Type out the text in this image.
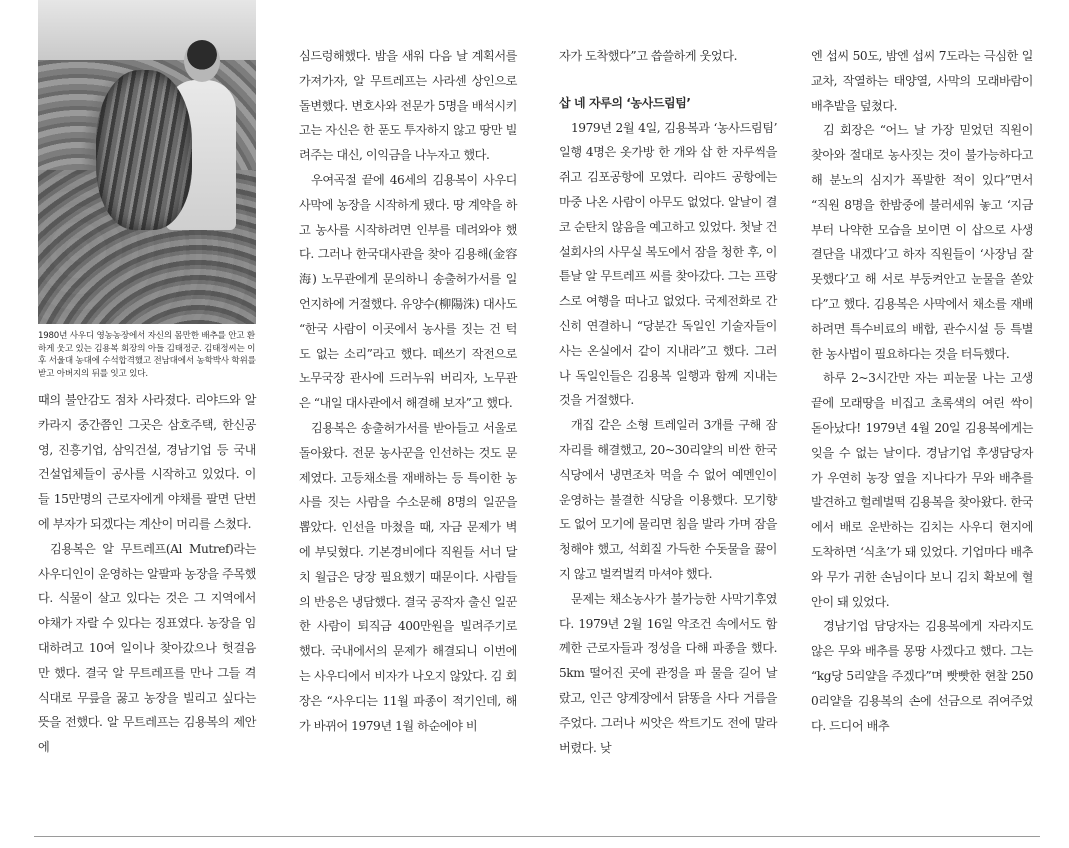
1980년 사우디 영농농장에서 자신의 몸만한 배추를 안고 환하게 웃고 있는 김용복 회장의 아들 김태정군. 김태정씨는 이후 서울대 농대에 수석합격했고 전남대에서 농학박사 학위를 받고 아버지의 뒤를 잇고 있다.

때의 불안감도 점차 사라졌다. 리야드와 알카라지 중간쯤인 그곳은 삼호주택, 한신공영, 진흥기업, 삼익건설, 경남기업 등 국내 건설업체들이 공사를 시작하고 있었다. 이들 15만명의 근로자에게 야채를 팔면 단번에 부자가 되겠다는 계산이 머리를 스쳤다.

김용복은 알 무트레프(Al Mutref)라는 사우디인이 운영하는 알팔파 농장을 주목했다. 식물이 살고 있다는 것은 그 지역에서 야채가 자랄 수 있다는 징표였다. 농장을 임대하려고 10여 일이나 찾아갔으나 헛걸음만 했다. 결국 알 무트레프를 만나 그들 격식대로 무릎을 꿇고 농장을 빌리고 싶다는 뜻을 전했다. 알 무트레프는 김용복의 제안에

심드렁해했다. 밤을 새워 다음 날 계획서를 가져가자, 알 무트레프는 사라센 상인으로 돌변했다. 변호사와 전문가 5명을 배석시키고는 자신은 한 푼도 투자하지 않고 땅만 빌려주는 대신, 이익금을 나누자고 했다.

우여곡절 끝에 46세의 김용복이 사우디 사막에 농장을 시작하게 됐다. 땅 계약을 하고 농사를 시작하려면 인부를 데려와야 했다. 그러나 한국대사관을 찾아 김용해(金容海) 노무관에게 문의하니 송출허가서를 일언지하에 거절했다. 유양수(柳陽洙) 대사도 “한국 사람이 이곳에서 농사를 짓는 건 턱도 없는 소리”라고 했다. 떼쓰기 작전으로 노무국장 관사에 드러누워 버리자, 노무관은 “내일 대사관에서 해결해 보자”고 했다.

김용복은 송출허가서를 받아들고 서울로 돌아왔다. 전문 농사꾼을 인선하는 것도 문제였다. 고등채소를 재배하는 등 특이한 농사를 짓는 사람을 수소문해 8명의 일꾼을 뽑았다. 인선을 마쳤을 때, 자금 문제가 벽에 부딪혔다. 기본경비에다 직원들 서너 달치 월급은 당장 필요했기 때문이다. 사람들의 반응은 냉담했다. 결국 공작자 출신 일꾼 한 사람이 퇴직금 400만원을 빌려주기로 했다. 국내에서의 문제가 해결되니 이번에는 사우디에서 비자가 나오지 않았다. 김 회장은 “사우디는 11월 파종이 적기인데, 해가 바뀌어 1979년 1월 하순에야 비

자가 도착했다”고 씁쓸하게 웃었다.

삽 네 자루의 ‘농사드림팀’

1979년 2월 4일, 김용복과 ‘농사드림팀’ 일행 4명은 옷가방 한 개와 삽 한 자루씩을 쥐고 김포공항에 모였다. 리야드 공항에는 마중 나온 사람이 아무도 없었다. 알날이 결코 순탄치 않음을 예고하고 있었다. 첫날 건설회사의 사무실 복도에서 잠을 청한 후, 이튿날 알 무트레프 씨를 찾아갔다. 그는 프랑스로 여행을 떠나고 없었다. 국제전화로 간신히 연결하니 “당분간 독일인 기술자들이 사는 온실에서 같이 지내라”고 했다. 그러나 독일인들은 김용복 일행과 함께 지내는 것을 거절했다.

개집 같은 소형 트레일러 3개를 구해 잠자리를 해결했고, 20~30리얄의 비싼 한국식당에서 냉면조차 먹을 수 없어 예멘인이 운영하는 불결한 식당을 이용했다. 모기향도 없어 모기에 물리면 침을 발라 가며 잠을 청해야 했고, 석회질 가득한 수돗물을 끓이지 않고 벌컥벌컥 마셔야 했다.

문제는 채소농사가 불가능한 사막기후였다. 1979년 2월 16일 악조건 속에서도 함께한 근로자들과 정성을 다해 파종을 했다. 5km 떨어진 곳에 관정을 파 물을 길어 날랐고, 인근 양계장에서 닭똥을 사다 거름을 주었다. 그러나 씨앗은 싹트기도 전에 말라 버렸다. 낮

엔 섭씨 50도, 밤엔 섭씨 7도라는 극심한 일교차, 작열하는 태양열, 사막의 모래바람이 배추밭을 덮쳤다.

김 회장은 “어느 날 가장 믿었던 직원이 찾아와 절대로 농사짓는 것이 불가능하다고 해 분노의 심지가 폭발한 적이 있다”면서 “직원 8명을 한밤중에 불러세워 놓고 ‘지금부터 나약한 모습을 보이면 이 삽으로 사생결단을 내겠다’고 하자 직원들이 ‘사장님 잘못했다’고 해 서로 부둥켜안고 눈물을 쏟았다”고 했다. 김용복은 사막에서 채소를 재배하려면 특수비료의 배합, 관수시설 등 특별한 농사법이 필요하다는 것을 터득했다.

하루 2~3시간만 자는 피눈물 나는 고생 끝에 모래땅을 비집고 초록색의 여린 싹이 돋아났다! 1979년 4월 20일 김용복에게는 잊을 수 없는 날이다. 경남기업 후생담당자가 우연히 농장 옆을 지나다가 무와 배추를 발견하고 헐레벌떡 김용복을 찾아왔다. 한국에서 배로 운반하는 김치는 사우디 현지에 도착하면 ‘식초’가 돼 있었다. 기업마다 배추와 무가 귀한 손님이다 보니 김치 확보에 혈안이 돼 있었다.

경남기업 담당자는 김용복에게 자라지도 않은 무와 배추를 몽땅 사겠다고 했다. 그는 “kg당 5리얄을 주겠다”며 빳빳한 현찰 2500리얄을 김용복의 손에 선금으로 쥐여주었다. 드디어 배추
